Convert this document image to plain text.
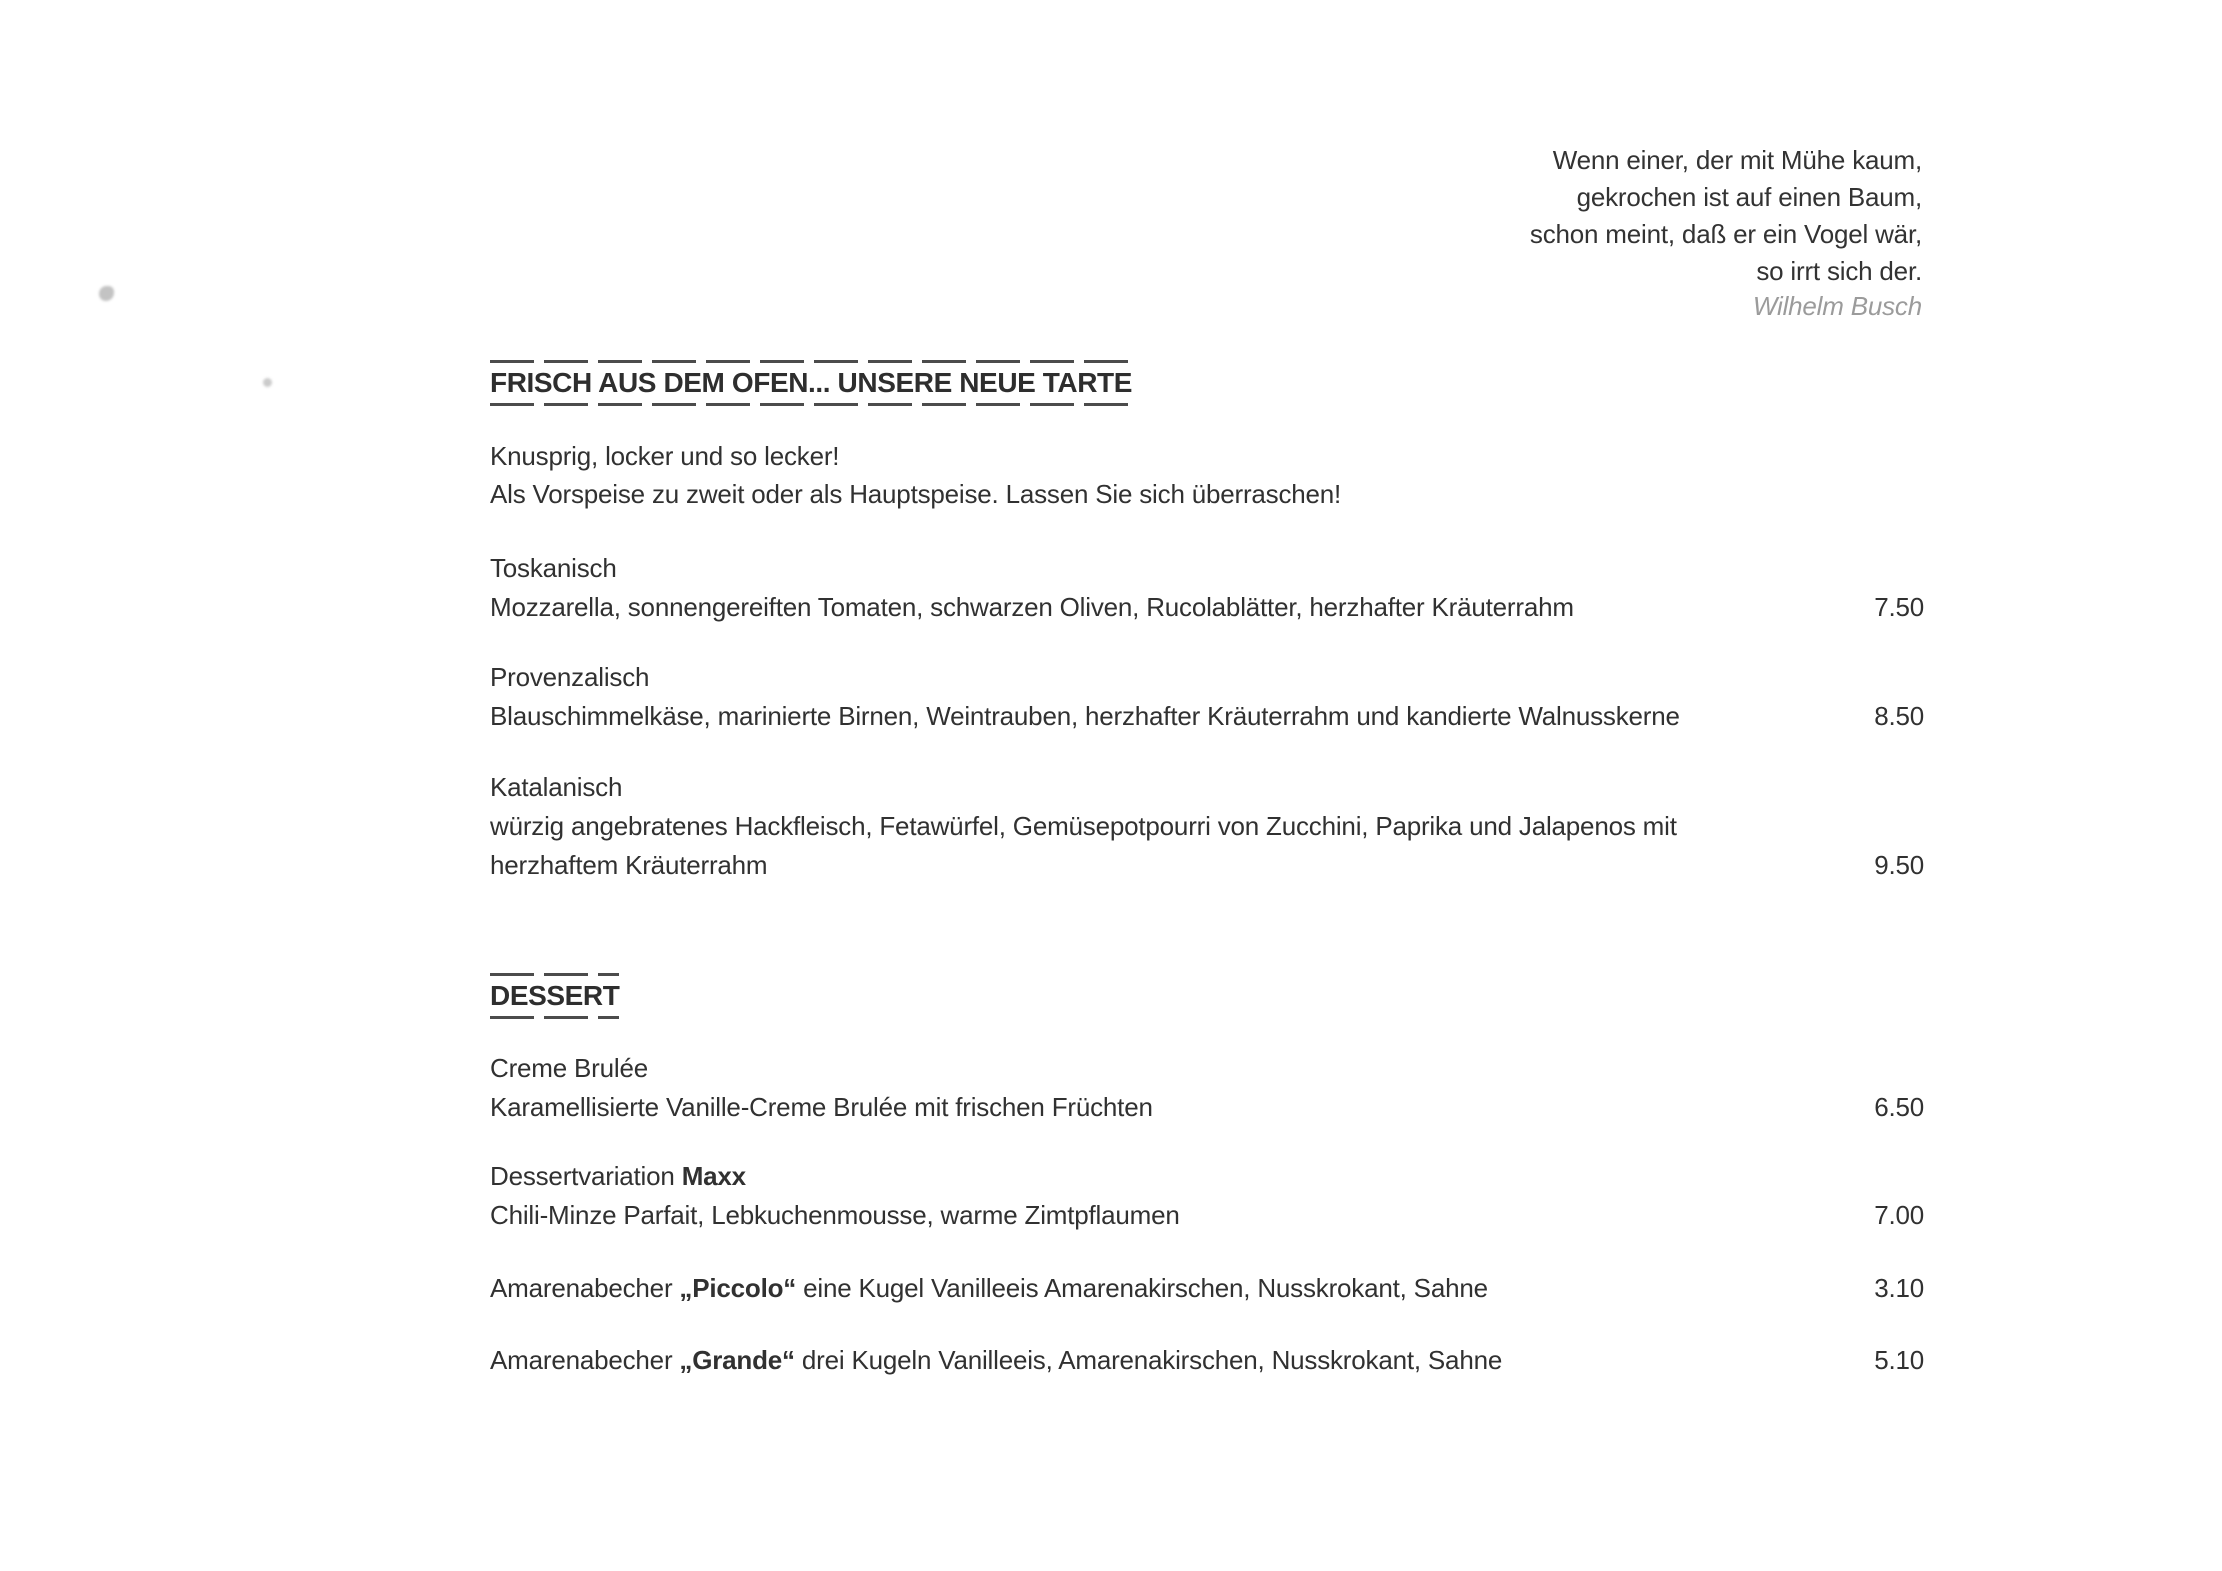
Wenn einer, der mit Mühe kaum,
gekrochen ist auf einen Baum,
schon meint, daß er ein Vogel wär,
so irrt sich der.
Wilhelm Busch
FRISCH AUS DEM OFEN... UNSERE NEUE TARTE
Knusprig, locker und so lecker!
Als Vorspeise zu zweit oder als Hauptspeise. Lassen Sie sich überraschen!
Toskanisch
Mozzarella, sonnengereiften Tomaten, schwarzen Oliven, Rucolablätter, herzhafter Kräuterrahm	7.50
Provenzalisch
Blauschimmelkäse, marinierte Birnen, Weintrauben, herzhafter Kräuterrahm und kandierte Walnusskerne	8.50
Katalanisch
würzig angebratenes Hackfleisch, Fetawürfel, Gemüsepotpourri von Zucchini, Paprika und Jalapenos mit
herzhaftem Kräuterrahm	9.50
DESSERT
Creme Brulée
Karamellisierte Vanille-Creme Brulée mit frischen Früchten	6.50
Dessertvariation Maxx
Chili-Minze Parfait, Lebkuchenmousse, warme Zimtpflaumen	7.00
Amarenabecher „Piccolo“ eine Kugel Vanilleeis Amarenakirschen, Nusskrokant, Sahne	3.10
Amarenabecher „Grande“ drei Kugeln Vanilleeis, Amarenakirschen, Nusskrokant, Sahne	5.10
